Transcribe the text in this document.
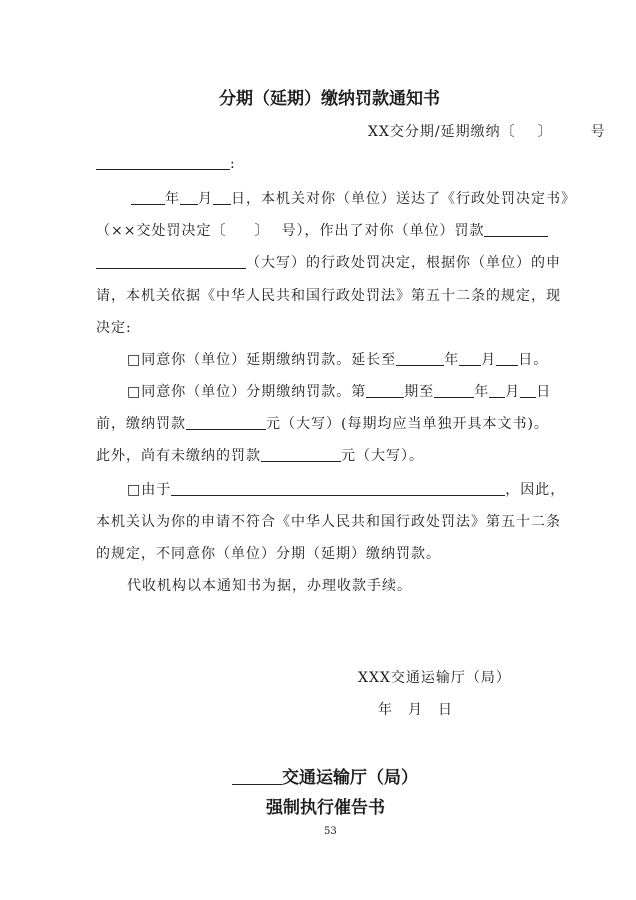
分期（延期）缴纳罚款通知书
XX交分期/延期缴纳〔 〕	号
:
年 月 日，本机关对你（单位）送达了《行政处罚决定书》
（××交处罚决定〔 〕 号），作出了对你（单位）罚款
（大写）的行政处罚决定，根据你（单位）的申
请，本机关依据《中华人民共和国行政处罚法》第五十二条的规定，现
决定:
□同意你（单位）延期缴纳罚款。延长至	年 月 日。
□同意你（单位）分期缴纳罚款。第	期至	年 月 日
前，缴纳罚款	元（大写）(每期均应当单独开具本文书)。
此外，尚有未缴纳的罚款	元（大写）。
□由于	，因此，
本机关认为你的申请不符合《中华人民共和国行政处罚法》第五十二条
的规定，不同意你（单位）分期（延期）缴纳罚款。
代收机构以本通知书为据，办理收款手续。
XXX交通运输厅（局）
年　月　日
交通运输厅（局）
强制执行催告书
53
